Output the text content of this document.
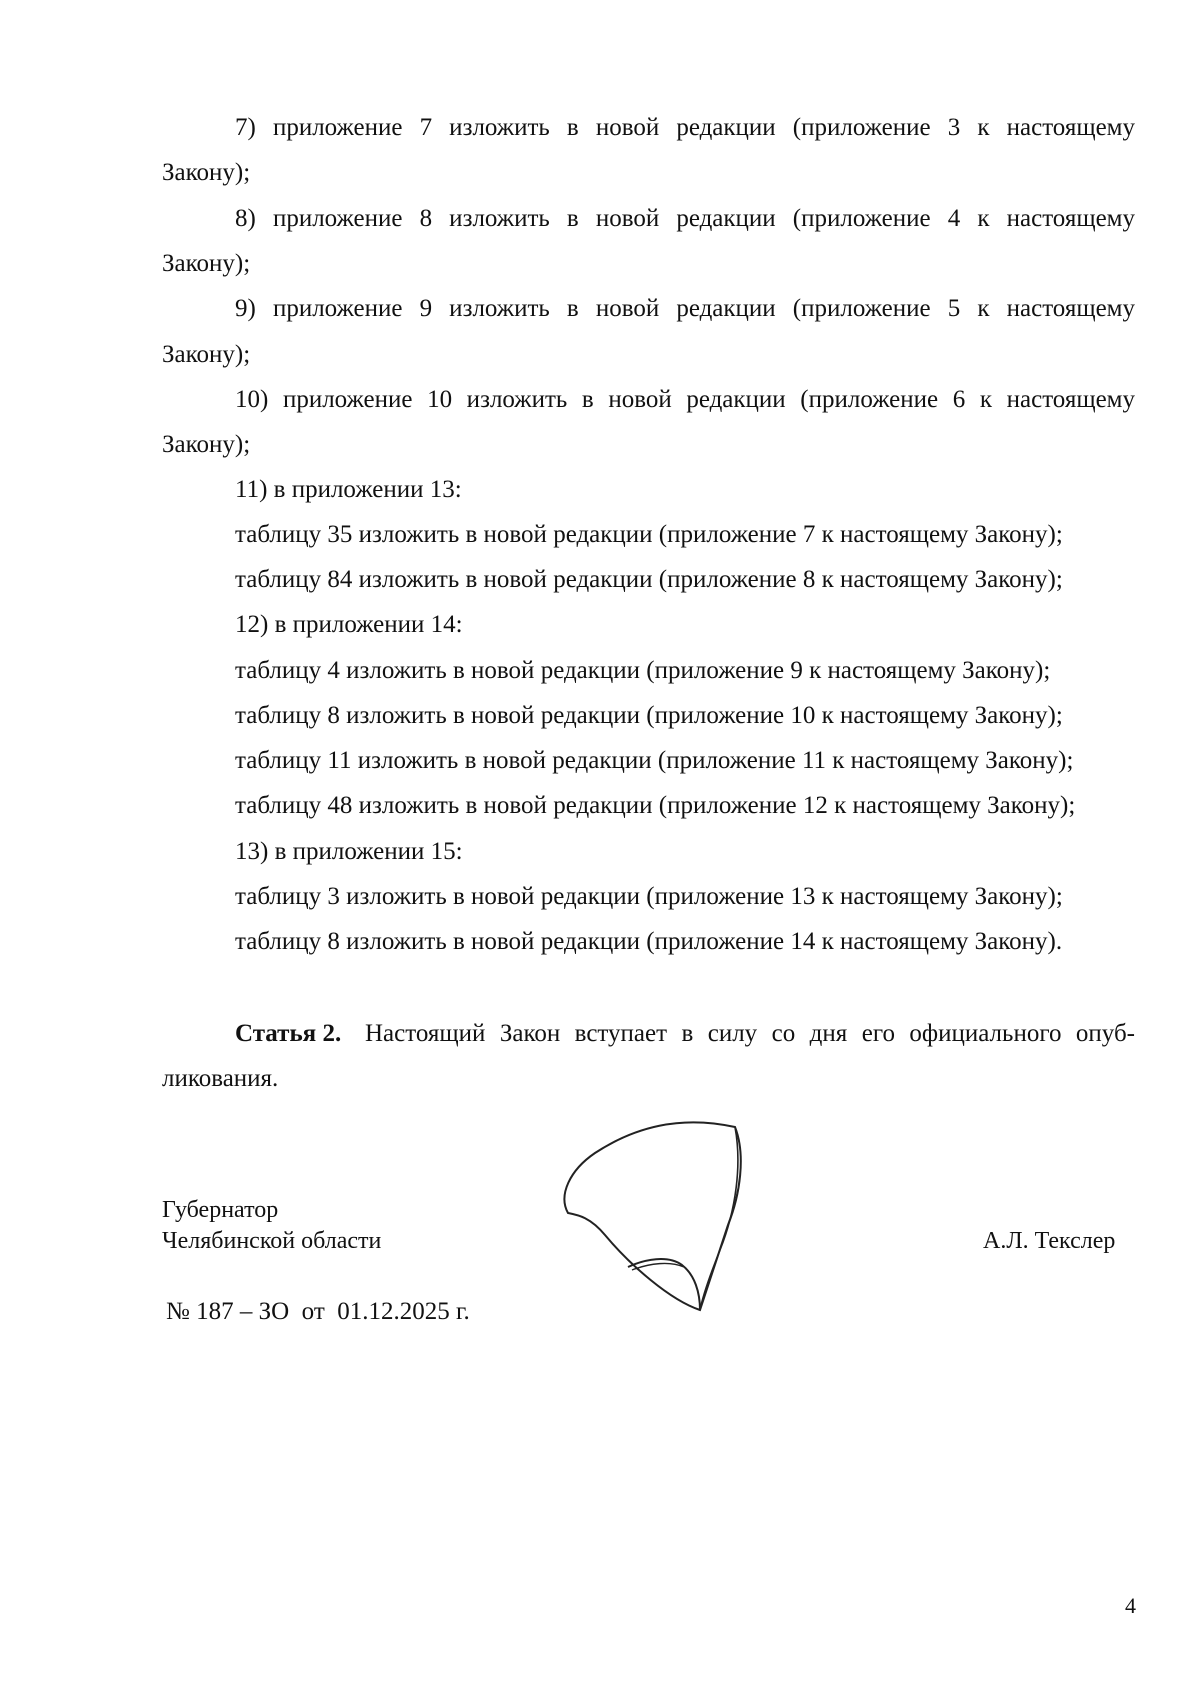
7) приложение 7 изложить в новой редакции (приложение 3 к настоящему

Закону);

8) приложение 8 изложить в новой редакции (приложение 4 к настоящему

Закону);

9) приложение 9 изложить в новой редакции (приложение 5 к настоящему

Закону);

10) приложение 10 изложить в новой редакции (приложение 6 к настоящему

Закону);

11) в приложении 13:

таблицу 35 изложить в новой редакции (приложение 7 к настоящему Закону);

таблицу 84 изложить в новой редакции (приложение 8 к настоящему Закону);

12) в приложении 14:

таблицу 4 изложить в новой редакции (приложение 9 к настоящему Закону);

таблицу 8 изложить в новой редакции (приложение 10 к настоящему Закону);

таблицу 11 изложить в новой редакции (приложение 11 к настоящему Закону);

таблицу 48 изложить в новой редакции (приложение 12 к настоящему Закону);

13) в приложении 15:

таблицу 3 изложить в новой редакции (приложение 13 к настоящему Закону);

таблицу 8 изложить в новой редакции (приложение 14 к настоящему Закону).

Статья 2. Настоящий Закон вступает в силу со дня его официального опуб-

ликования.

Губернатор
Челябинской области	А.Л. Текслер
№ 187 – ЗО  от  01.12.2025 г.
4
